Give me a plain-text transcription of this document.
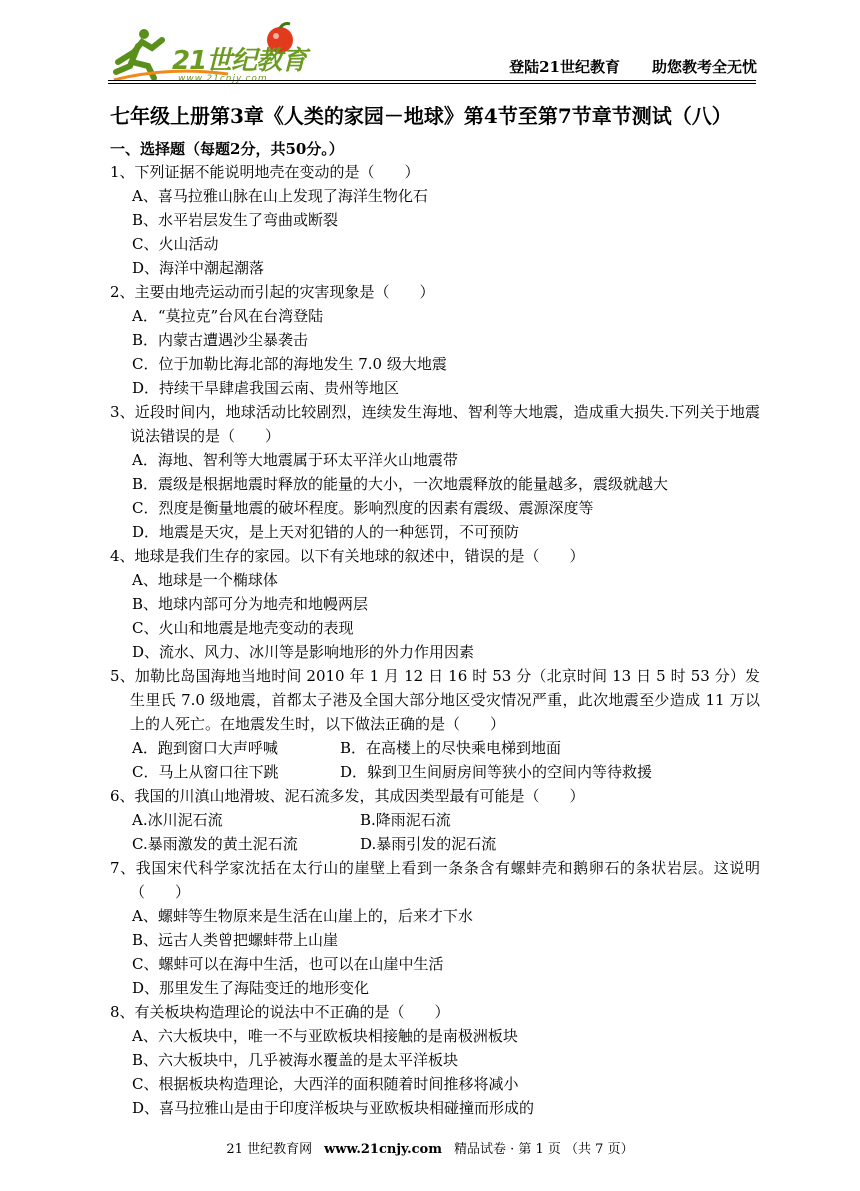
21世纪教育
www.21cnjy.com
登陆21世纪教育 助您教考全无忧
七年级上册第3章《人类的家园－地球》第4节至第7节章节测试（八）
一、选择题（每题2分，共50分。）

1、下列证据不能说明地壳在变动的是（　　）

A、喜马拉雅山脉在山上发现了海洋生物化石

B、水平岩层发生了弯曲或断裂

C、火山活动

D、海洋中潮起潮落

2、主要由地壳运动而引起的灾害现象是（　　）

A．“莫拉克”台风在台湾登陆

B．内蒙古遭遇沙尘暴袭击

C．位于加勒比海北部的海地发生 7.0 级大地震

D．持续干旱肆虐我国云南、贵州等地区

3、近段时间内，地球活动比较剧烈，连续发生海地、智利等大地震，造成重大损失.下列关于地震说法错误的是（　　）

A．海地、智利等大地震属于环太平洋火山地震带

B．震级是根据地震时释放的能量的大小，一次地震释放的能量越多，震级就越大

C．烈度是衡量地震的破坏程度。影响烈度的因素有震级、震源深度等

D．地震是天灾，是上天对犯错的人的一种惩罚，不可预防

4、地球是我们生存的家园。以下有关地球的叙述中，错误的是（　　）

A、地球是一个椭球体

B、地球内部可分为地壳和地幔两层

C、火山和地震是地壳变动的表现

D、流水、风力、冰川等是影响地形的外力作用因素

5、加勒比岛国海地当地时间 2010 年 1 月 12 日 16 时 53 分（北京时间 13 日 5 时 53 分）发生里氏 7.0 级地震，首都太子港及全国大部分地区受灾情况严重，此次地震至少造成 11 万以上的人死亡。在地震发生时，以下做法正确的是（　　）

A．跑到窗口大声呼喊	B．在高楼上的尽快乘电梯到地面

C．马上从窗口往下跳	D．躲到卫生间厨房间等狭小的空间内等待救援

6、我国的川滇山地滑坡、泥石流多发，其成因类型最有可能是（　　）

A.冰川泥石流	B.降雨泥石流

C.暴雨激发的黄土泥石流	D.暴雨引发的泥石流

7、我国宋代科学家沈括在太行山的崖壁上看到一条条含有螺蚌壳和鹅卵石的条状岩层。这说明（　　）

A、螺蚌等生物原来是生活在山崖上的，后来才下水

B、远古人类曾把螺蚌带上山崖

C、螺蚌可以在海中生活，也可以在山崖中生活

D、那里发生了海陆变迁的地形变化

8、有关板块构造理论的说法中不正确的是（　　）

A、六大板块中，唯一不与亚欧板块相接触的是南极洲板块

B、六大板块中，几乎被海水覆盖的是太平洋板块

C、根据板块构造理论，大西洋的面积随着时间推移将减小

D、喜马拉雅山是由于印度洋板块与亚欧板块相碰撞而形成的

21 世纪教育网 www.21cnjy.com 精品试卷 · 第 1 页 （共 7 页）
